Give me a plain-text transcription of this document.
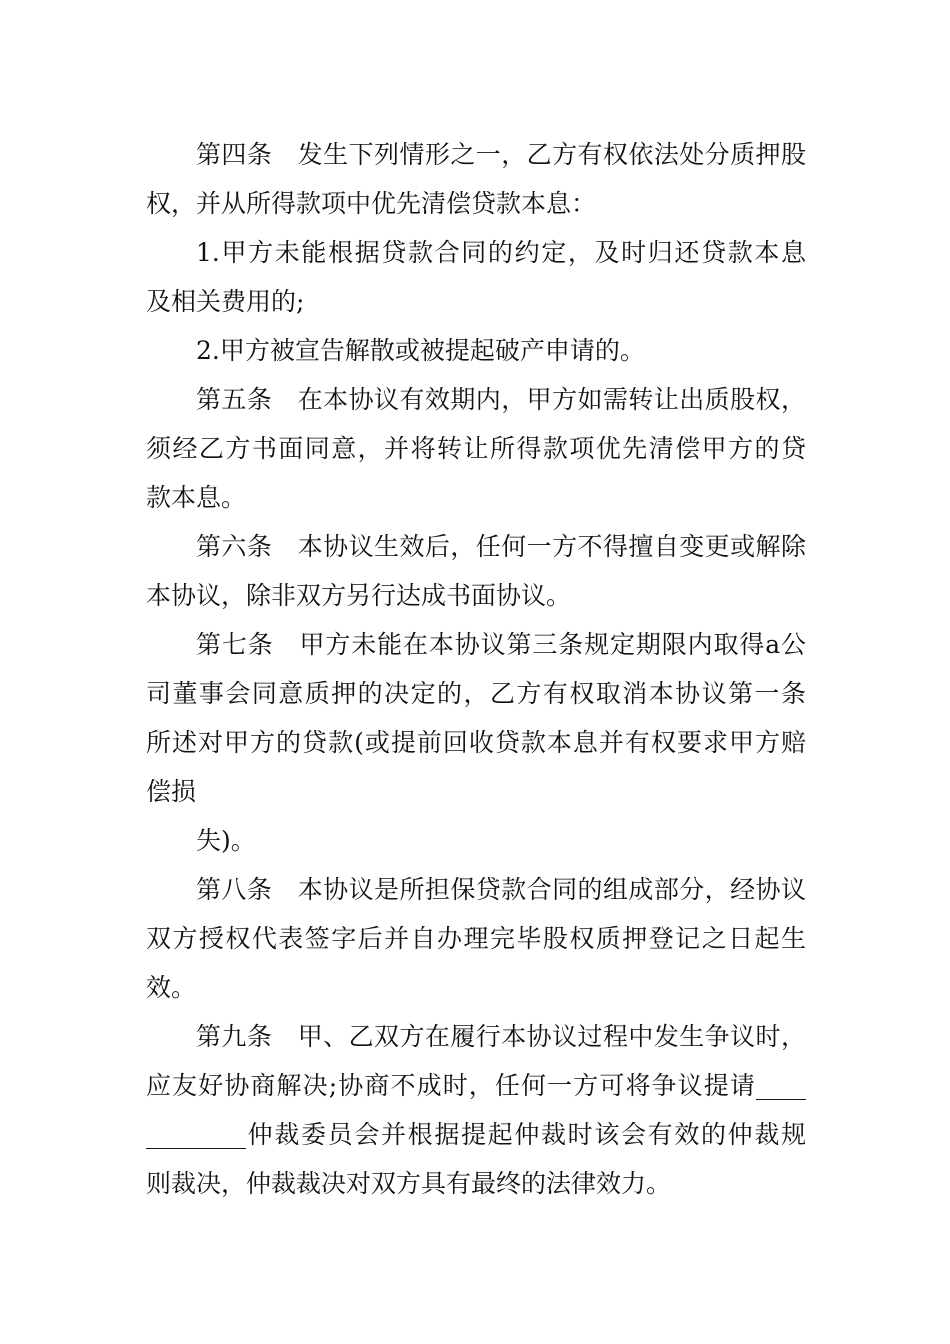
第四条　发生下列情形之一，乙方有权依法处分质押股
权，并从所得款项中优先清偿贷款本息：
1.甲方未能根据贷款合同的约定，及时归还贷款本息
及相关费用的;
2.甲方被宣告解散或被提起破产申请的。
第五条　在本协议有效期内，甲方如需转让出质股权，
须经乙方书面同意，并将转让所得款项优先清偿甲方的贷
款本息。
第六条　本协议生效后，任何一方不得擅自变更或解除
本协议，除非双方另行达成书面协议。
第七条　甲方未能在本协议第三条规定期限内取得a公
司董事会同意质押的决定的，乙方有权取消本协议第一条
所述对甲方的贷款(或提前回收贷款本息并有权要求甲方赔
偿损
失)。
第八条　本协议是所担保贷款合同的组成部分，经协议
双方授权代表签字后并自办理完毕股权质押登记之日起生
效。
第九条　甲、乙双方在履行本协议过程中发生争议时，
应友好协商解决;协商不成时，任何一方可将争议提请____
________仲裁委员会并根据提起仲裁时该会有效的仲裁规
则裁决，仲裁裁决对双方具有最终的法律效力。
